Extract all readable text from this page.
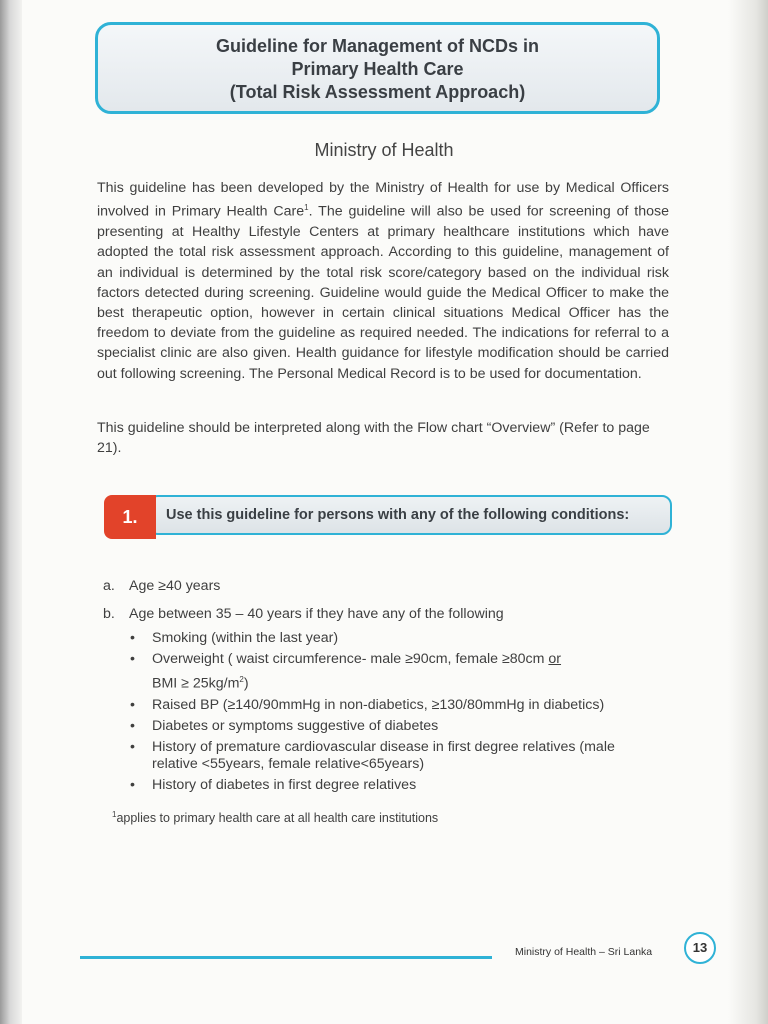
Guideline for Management of NCDs in
Primary Health Care
(Total Risk Assessment Approach)
Ministry of Health

This guideline has been developed by the Ministry of Health for use by Medical Officers involved in Primary Health Care$^1$. The guideline will also be used for screening of those presenting at Healthy Lifestyle Centers at primary healthcare institutions which have adopted the total risk assessment approach. According to this guideline, management of an individual is determined by the total risk score/category based on the individual risk factors detected during screening. Guideline would guide the Medical Officer to make the best therapeutic option, however in certain clinical situations Medical Officer has the freedom to deviate from the guideline as required needed. The indications for referral to a specialist clinic are also given. Health guidance for lifestyle modification should be carried out following screening. The Personal Medical Record is to be used for documentation.

This guideline should be interpreted along with the Flow chart “Overview” (Refer to page 21).

1.	Use this guideline for persons with any of the following conditions:
a. Age ≥40 years
b. Age between 35 – 40 years if they have any of the following
• Smoking (within the last year)
• Overweight ( waist circumference- male ≥90cm, female ≥80cm or
BMI ≥ $25kg/m^2$)
• Raised BP (≥140/90mmHg in non-diabetics, ≥130/80mmHg in diabetics)
• Diabetes or symptoms suggestive of diabetes
• History of premature cardiovascular disease in first degree relatives (male
relative <55years, female relative<65years)
• History of diabetes in first degree relatives
$^1$applies to primary health care at all health care institutions
Ministry of Health – Sri Lanka	13
